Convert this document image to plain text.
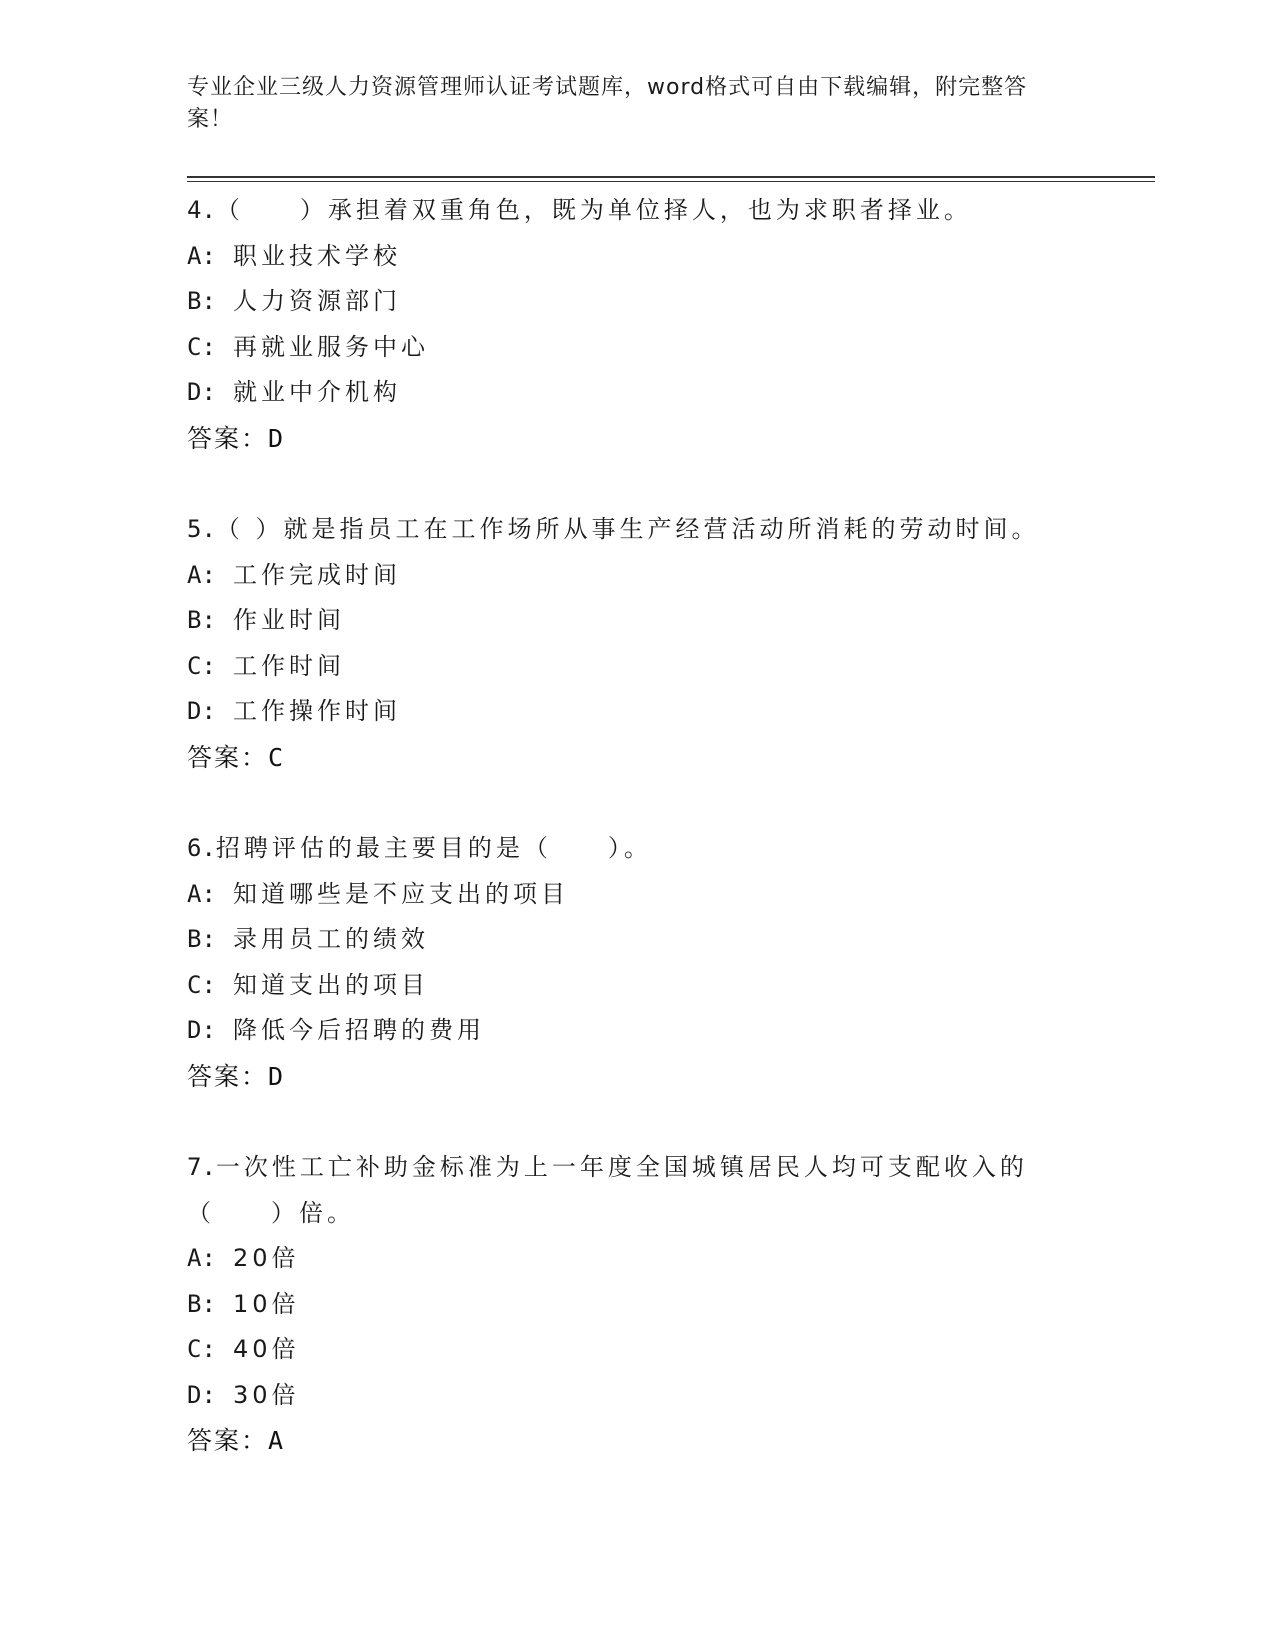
专业企业三级人力资源管理师认证考试题库，word格式可自由下载编辑，附完整答案！
4.（　　）承担着双重角色，既为单位择人，也为求职者择业。
A: 职业技术学校
B: 人力资源部门
C: 再就业服务中心
D: 就业中介机构
答案：D
5.（ ）就是指员工在工作场所从事生产经营活动所消耗的劳动时间。
A: 工作完成时间
B: 作业时间
C: 工作时间
D: 工作操作时间
答案：C
6.招聘评估的最主要目的是（　　）。
A: 知道哪些是不应支出的项目
B: 录用员工的绩效
C: 知道支出的项目
D: 降低今后招聘的费用
答案：D
7.一次性工亡补助金标准为上一年度全国城镇居民人均可支配收入的（　　）倍。
A: 20倍
B: 10倍
C: 40倍
D: 30倍
答案：A
